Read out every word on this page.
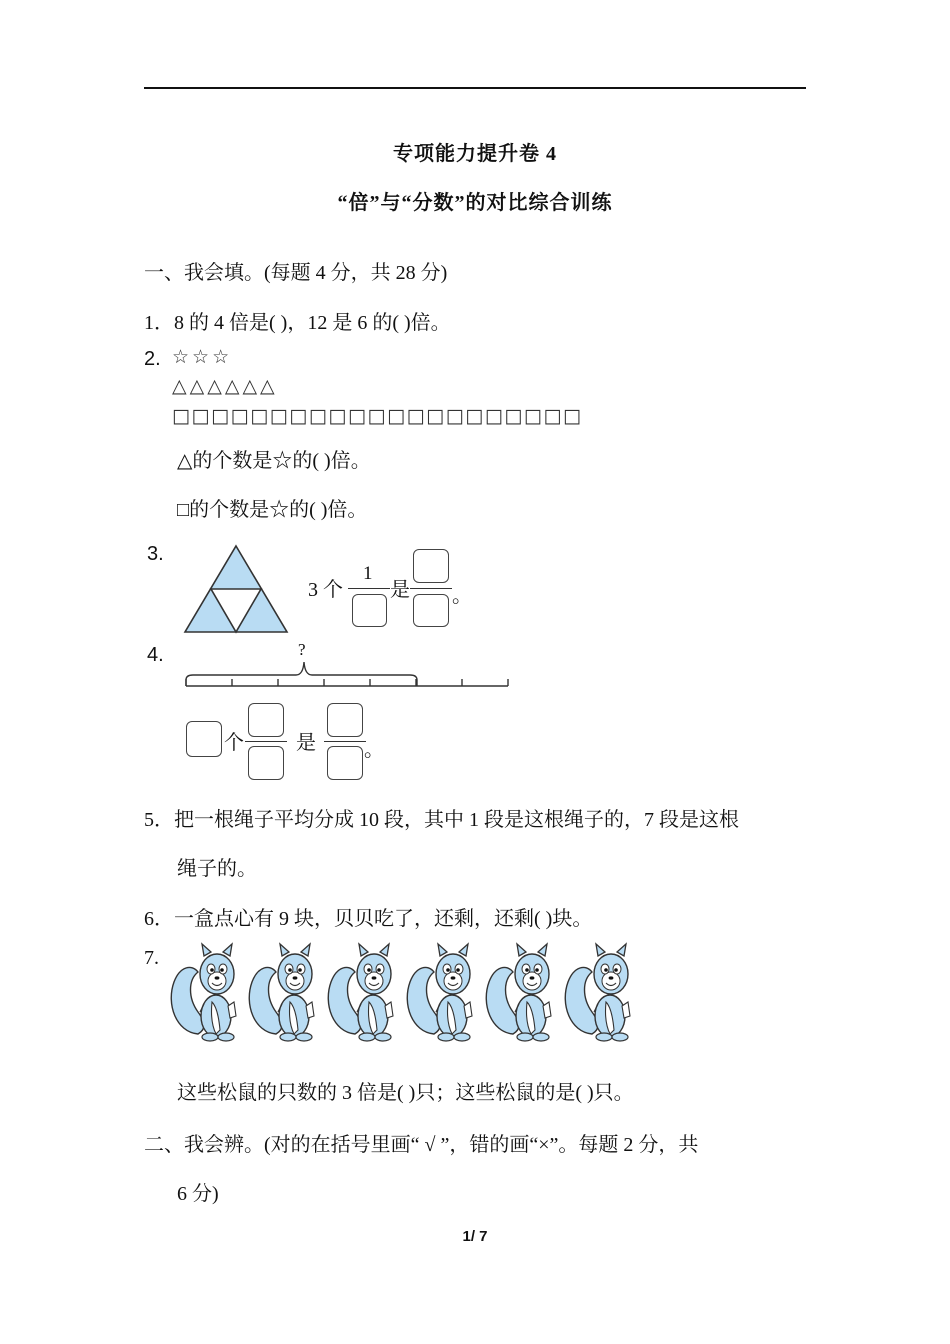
专项能力提升卷 4
“倍”与“分数”的对比综合训练
一、我会填。(每题 4 分，共 28 分)
1．8 的 4 倍是( )，12 是 6 的( )倍。
2. ☆☆☆
△△△△△△
□□□□□□□□□□□□□□□□□□□□□
△的个数是☆的( )倍。
□的个数是☆的( )倍。
3.
3 个
1
是 。
4.	?
个	是 。
5．把一根绳子平均分成 10 段，其中 1 段是这根绳子的，7 段是这根
绳子的。
6．一盒点心有 9 块，贝贝吃了，还剩，还剩( )块。
7.
这些松鼠的只数的 3 倍是( )只；这些松鼠的是( )只。
二、我会辨。(对的在括号里画“ √ ”，错的画“×”。每题 2 分，共
6 分)
1/ 7
